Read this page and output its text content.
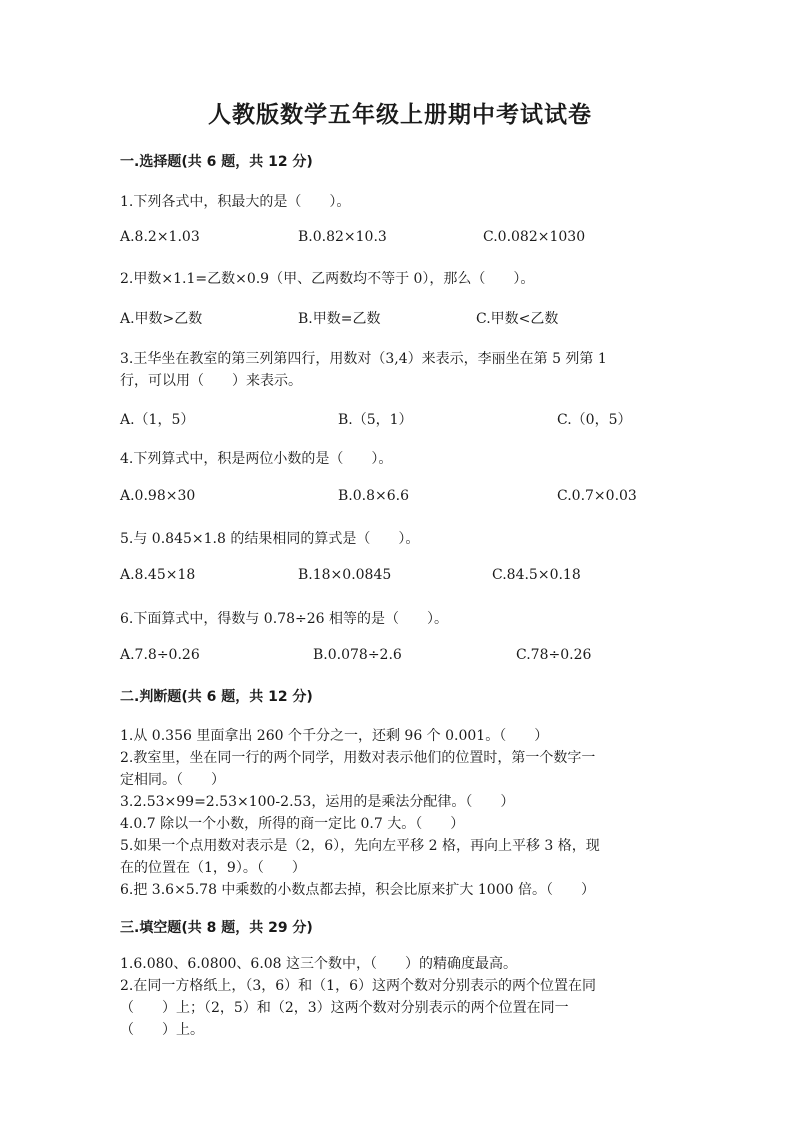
人教版数学五年级上册期中考试试卷
一.选择题(共 6 题，共 12 分)
1.下列各式中，积最大的是（　　）。
A.8.2×1.03	B.0.82×10.3	C.0.082×1030
2.甲数×1.1=乙数×0.9（甲、乙两数均不等于 0），那么（　　）。
A.甲数>乙数	B.甲数=乙数	C.甲数<乙数
3.王华坐在教室的第三列第四行，用数对（3,4）来表示，李丽坐在第 5 列第 1
行，可以用（　　）来表示。
A.（1，5）	B.（5，1）	C.（0，5）
4.下列算式中，积是两位小数的是（　　）。
A.0.98×30	B.0.8×6.6	C.0.7×0.03
5.与 0.845×1.8 的结果相同的算式是（　　）。
A.8.45×18	B.18×0.0845	C.84.5×0.18
6.下面算式中，得数与 0.78÷26 相等的是（　　）。
A.7.8÷0.26	B.0.078÷2.6	C.78÷0.26
二.判断题(共 6 题，共 12 分)
1.从 0.356 里面拿出 260 个千分之一，还剩 96 个 0.001。（　　）
2.教室里，坐在同一行的两个同学，用数对表示他们的位置时，第一个数字一
定相同。（　　）
3.2.53×99=2.53×100-2.53，运用的是乘法分配律。（　　）
4.0.7 除以一个小数，所得的商一定比 0.7 大。（　　）
5.如果一个点用数对表示是（2，6），先向左平移 2 格，再向上平移 3 格，现
在的位置在（1，9）。（　　）
6.把 3.6×5.78 中乘数的小数点都去掉，积会比原来扩大 1000 倍。（　　）
三.填空题(共 8 题，共 29 分)
1.6.080、6.0800、6.08 这三个数中，（　　）的精确度最高。
2.在同一方格纸上，（3，6）和（1，6）这两个数对分别表示的两个位置在同
（　　）上；（2，5）和（2，3）这两个数对分别表示的两个位置在同一
（　　）上。
